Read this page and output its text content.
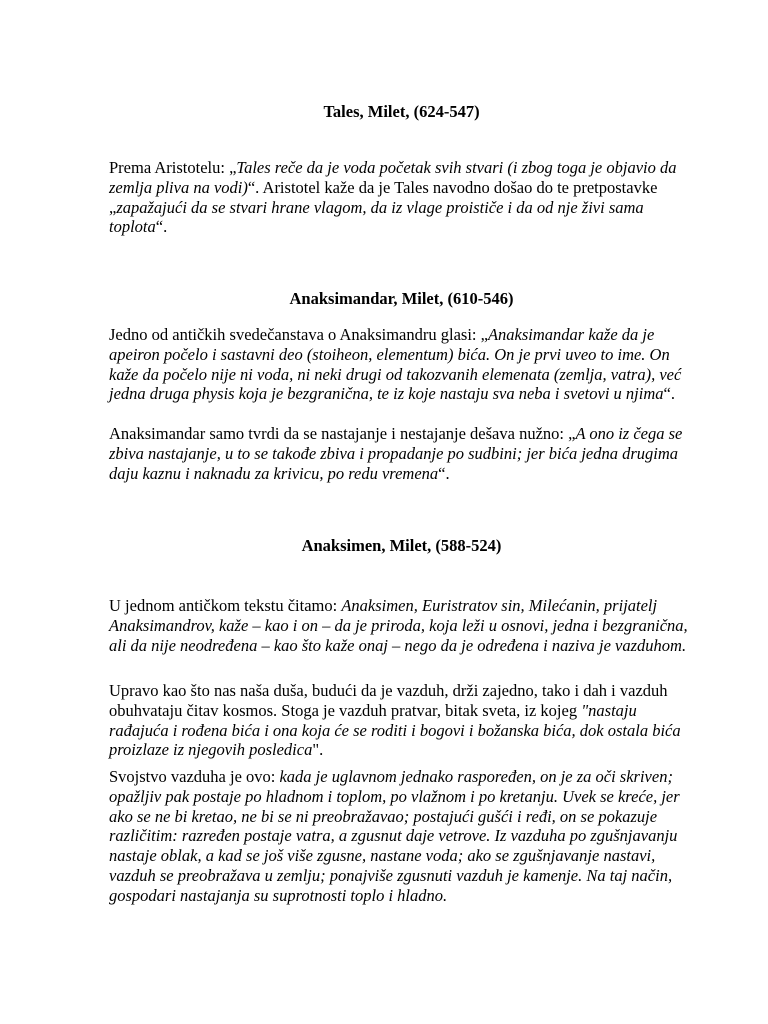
Tales, Milet, (624-547)

Prema Aristotelu: „Tales reče da je voda početak svih stvari (i zbog toga je objavio da zemlja pliva na vodi)“. Aristotel kaže da je Tales navodno došao do te pretpostavke „zapažajući da se stvari hrane vlagom, da iz vlage proističe i da od nje živi sama toplota“.

Anaksimandar, Milet, (610-546)

Jedno od antičkih svedečanstava o Anaksimandru glasi: „Anaksimandar kaže da je apeiron počelo i sastavni deo (stoiheon, elementum) bića. On je prvi uveo to ime. On kaže da počelo nije ni voda, ni neki drugi od takozvanih elemenata (zemlja, vatra), već jedna druga physis koja je bezgranična, te iz koje nastaju sva neba i svetovi u njima“.

Anaksimandar samo tvrdi da se nastajanje i nestajanje dešava nužno: „A ono iz čega se zbiva nastajanje, u to se takođe zbiva i propadanje po sudbini; jer bića jedna drugima daju kaznu i naknadu za krivicu, po redu vremena“.

Anaksimen, Milet, (588-524)

U jednom antičkom tekstu čitamo: Anaksimen, Euristratov sin, Milećanin, prijatelj Anaksimandrov, kaže – kao i on – da je priroda, koja leži u osnovi, jedna i bezgranična, ali da nije neodređena – kao što kaže onaj – nego da je određena i naziva je vazduhom.

Upravo kao što nas naša duša, budući da je vazduh, drži zajedno, tako i dah i vazduh obuhvataju čitav kosmos. Stoga je vazduh pratvar, bitak sveta, iz kojeg "nastaju rađajuća i rođena bića i ona koja će se roditi i bogovi i božanska bića, dok ostala bića proizlaze iz njegovih posledica".

Svojstvo vazduha je ovo: kada je uglavnom jednako raspoređen, on je za oči skriven; opažljiv pak postaje po hladnom i toplom, po vlažnom i po kretanju. Uvek se kreće, jer ako se ne bi kretao, ne bi se ni preobražavao; postajući gušći i ređi, on se pokazuje različitim: razređen postaje vatra, a zgusnut daje vetrove. Iz vazduha po zgušnjavanju nastaje oblak, a kad se još više zgusne, nastane voda; ako se zgušnjavanje nastavi, vazduh se preobražava u zemlju; ponajviše zgusnuti vazduh je kamenje. Na taj način, gospodari nastajanja su suprotnosti toplo i hladno.
